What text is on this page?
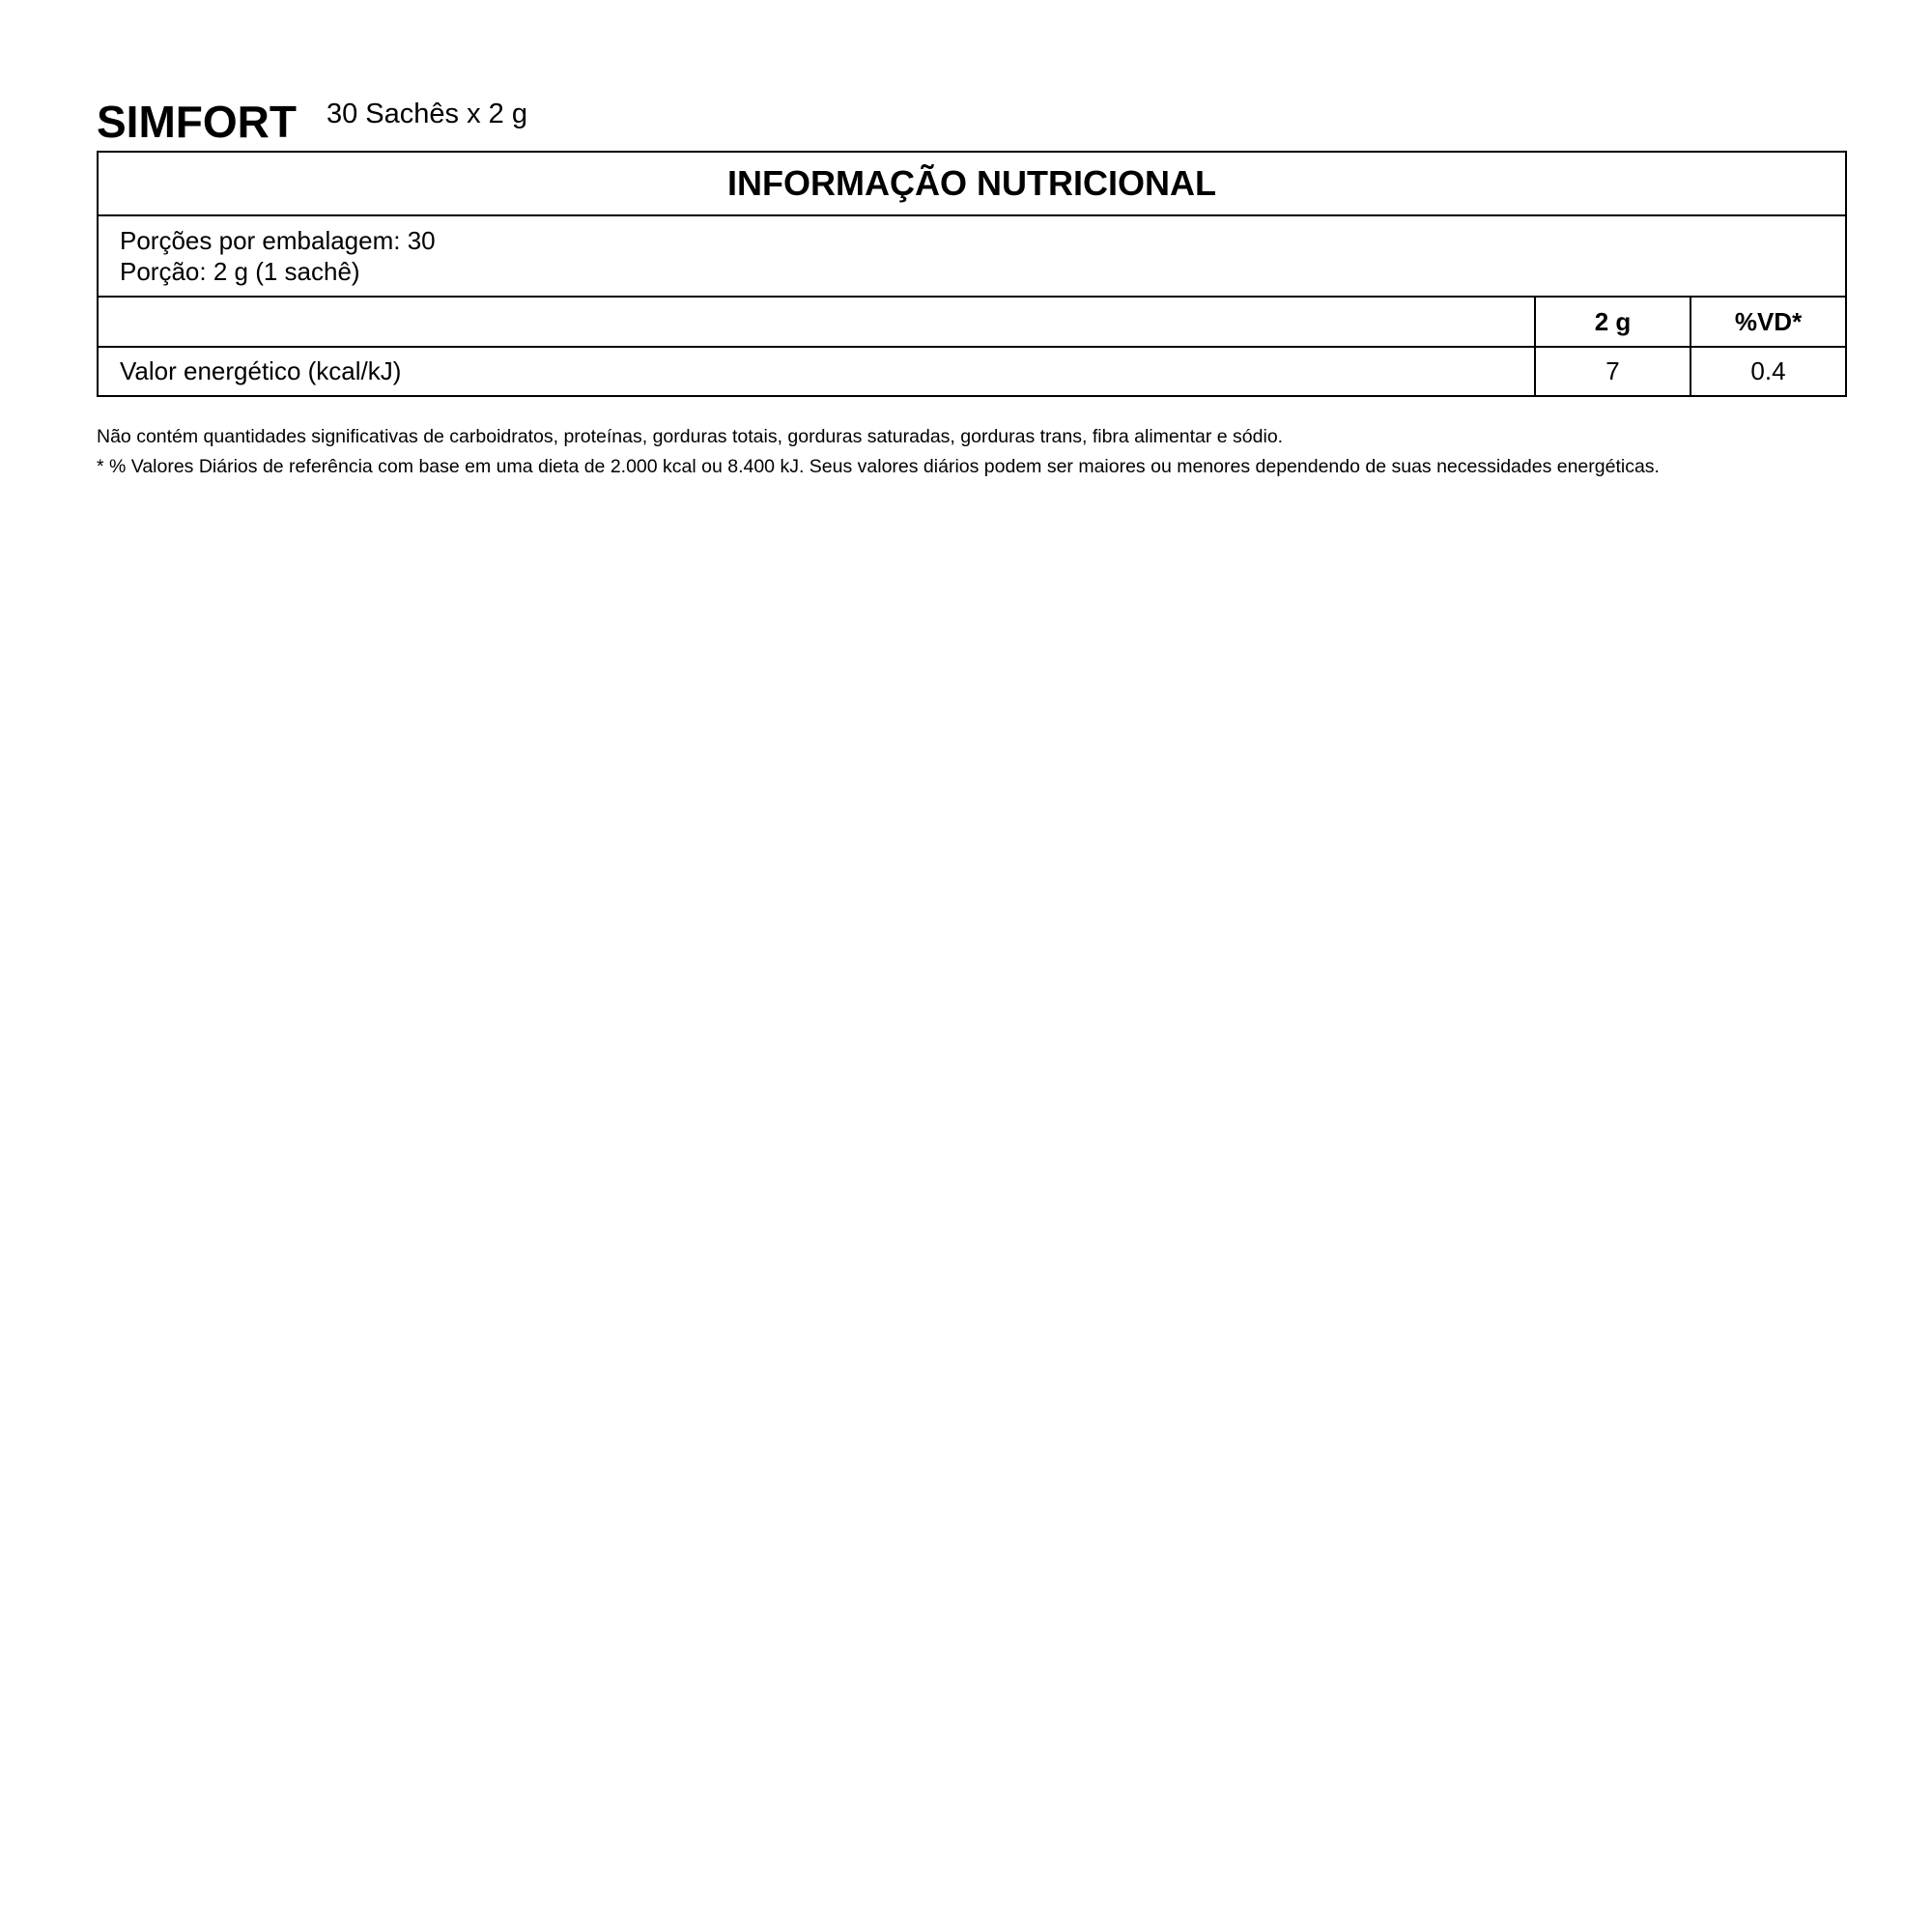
SIMFORT 30 Sachês x 2 g
INFORMAÇÃO NUTRICIONAL		

Porções por embalagem: 30
Porção: 2 g (1 sachê)		

	2 g	%VD*
Valor energético (kcal/kJ)	7	0.4
Não contém quantidades significativas de carboidratos, proteínas, gorduras totais, gorduras saturadas, gorduras trans, fibra alimentar e sódio.
* % Valores Diários de referência com base em uma dieta de 2.000 kcal ou 8.400 kJ. Seus valores diários podem ser maiores ou menores dependendo de suas necessidades energéticas.
